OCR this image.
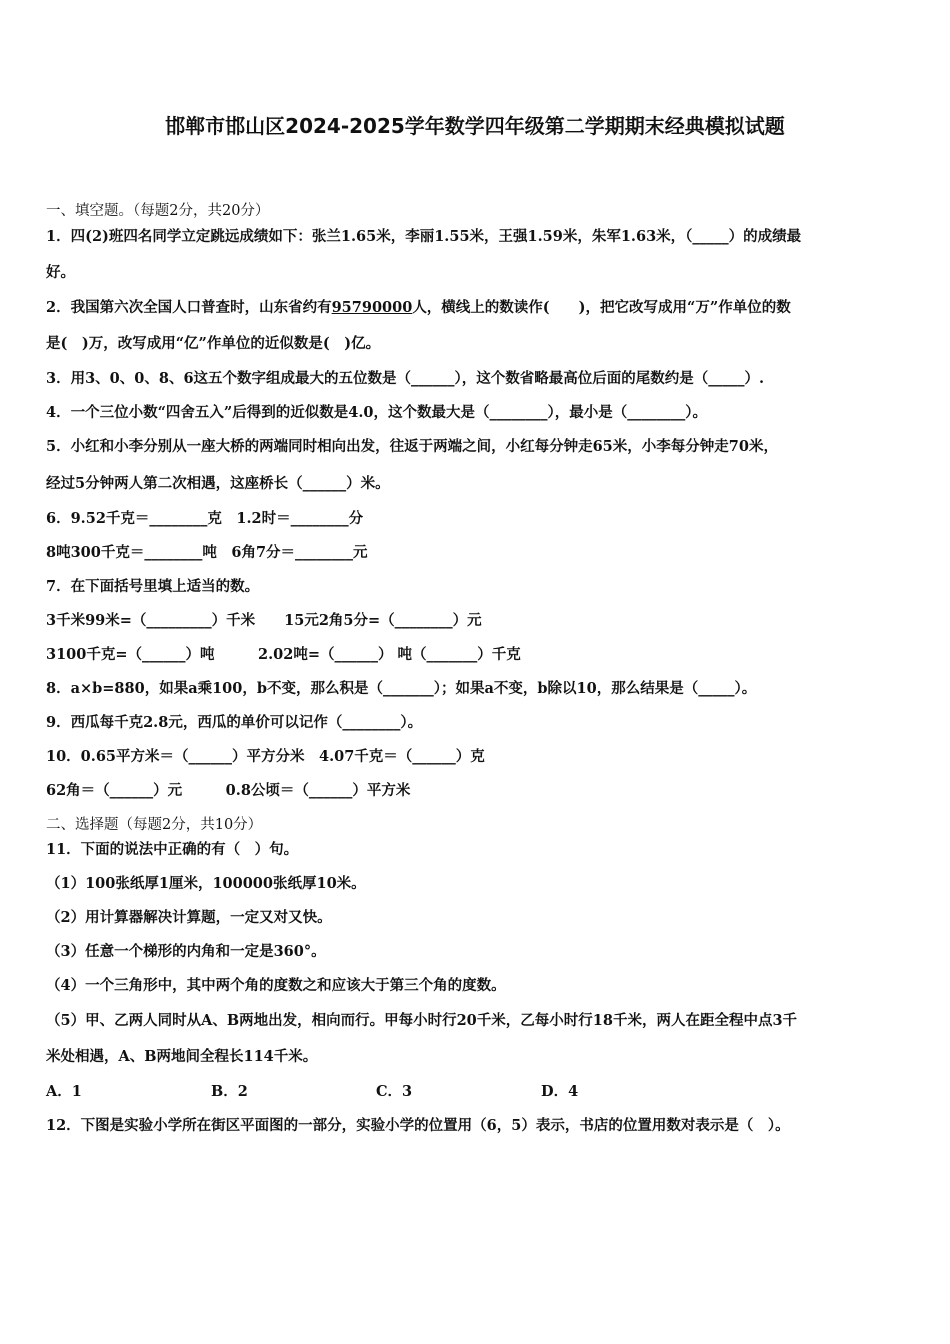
邯郸市邯山区2024-2025学年数学四年级第二学期期末经典模拟试题
一、填空题。（每题2分，共20分）
1．四(2)班四名同学立定跳远成绩如下：张兰1.65米，李丽1.55米，王强1.59米，朱军1.63米，（_____）的成绩最
好。
2．我国第六次全国人口普查时，山东省约有95790000人，横线上的数读作(　　)，把它改写成用“万”作单位的数
是(　)万，改写成用“亿”作单位的近似数是(　)亿。
3．用3、0、0、8、6这五个数字组成最大的五位数是（______），这个数省略最高位后面的尾数约是（_____）.
4．一个三位小数“四舍五入”后得到的近似数是4.0，这个数最大是（________），最小是（________）。
5．小红和小李分别从一座大桥的两端同时相向出发，往返于两端之间，小红每分钟走65米，小李每分钟走70米，
经过5分钟两人第二次相遇，这座桥长（______）米。
6．9.52千克＝________克　1.2时＝________分
8吨300千克＝________吨　6角7分＝________元
7．在下面括号里填上适当的数。
3千米99米=（_________）千米　　15元2角5分=（________）元
3100千克=（______）吨　　　2.02吨=（______） 吨（_______）千克
8．a×b=880，如果a乘100，b不变，那么积是（_______）；如果a不变，b除以10，那么结果是（_____）。
9．西瓜每千克2.8元，西瓜的单价可以记作（________）。
10．0.65平方米＝（______）平方分米　4.07千克＝（______）克
62角＝（______）元　　　0.8公顷＝（______）平方米
二、选择题（每题2分，共10分）
11．下面的说法中正确的有（　）句。
（1）100张纸厚1厘米，100000张纸厚10米。
（2）用计算器解决计算题，一定又对又快。
（3）任意一个梯形的内角和一定是360°。
（4）一个三角形中，其中两个角的度数之和应该大于第三个角的度数。
（5）甲、乙两人同时从A、B两地出发，相向而行。甲每小时行20千米，乙每小时行18千米，两人在距全程中点3千
米处相遇，A、B两地间全程长114千米。
A．1	B．2	C．3	D．4
12．下图是实验小学所在街区平面图的一部分，实验小学的位置用（6，5）表示，书店的位置用数对表示是（　）。
